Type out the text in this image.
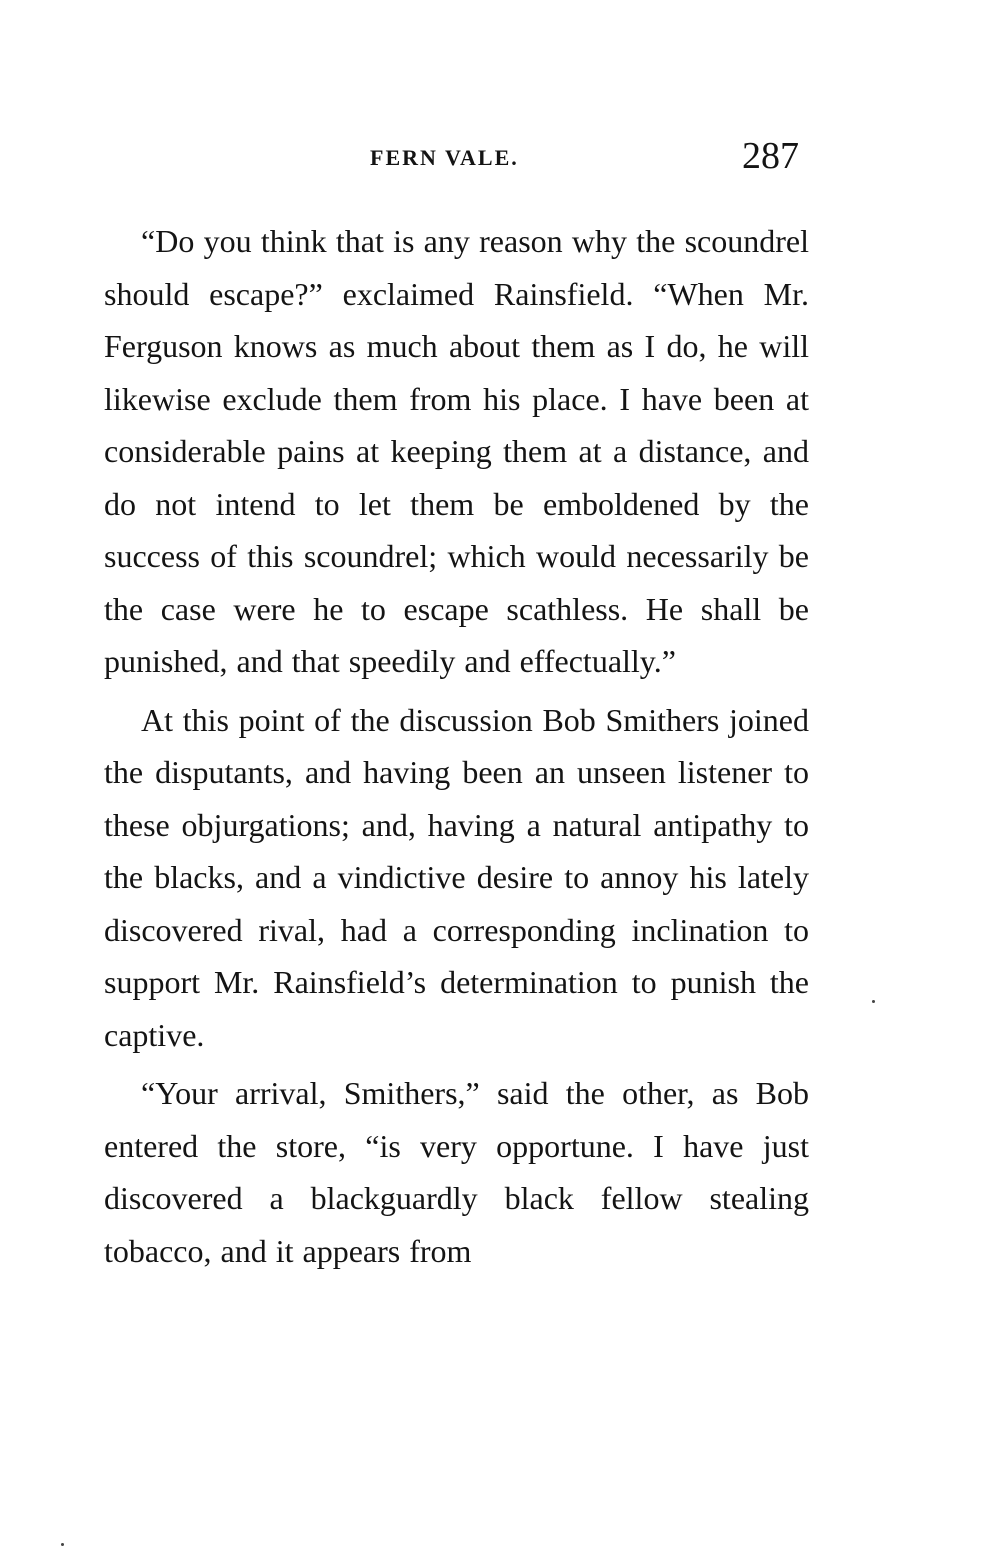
FERN VALE.	287

“Do you think that is any reason why the scoundrel should escape?” exclaimed Rainsfield. “When Mr. Ferguson knows as much about them as I do, he will likewise exclude them from his place. I have been at considerable pains at keeping them at a distance, and do not intend to let them be emboldened by the success of this scoundrel; which would necessarily be the case were he to escape scathless. He shall be punished, and that speedily and effectually.”

At this point of the discussion Bob Smithers joined the disputants, and having been an unseen listener to these objurgations; and, having a natural antipathy to the blacks, and a vindictive desire to annoy his lately discovered rival, had a corresponding inclination to support Mr. Rainsfield’s determination to punish the captive.

“Your arrival, Smithers,” said the other, as Bob entered the store, “is very opportune. I have just discovered a blackguardly black fellow stealing tobacco, and it appears from
